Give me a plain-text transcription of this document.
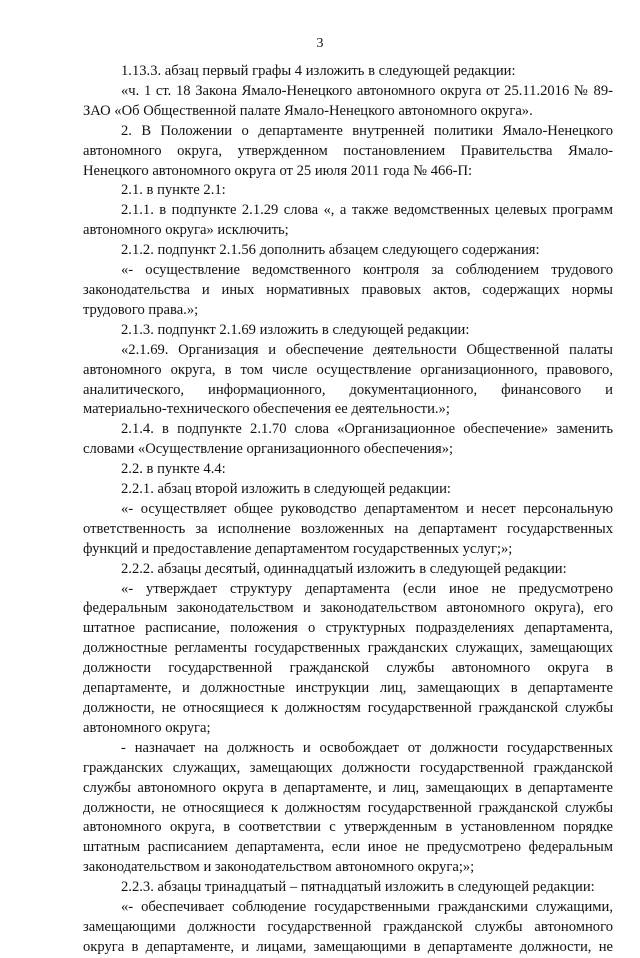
3

1.13.3. абзац первый графы 4 изложить в следующей редакции:

«ч. 1 ст. 18 Закона Ямало-Ненецкого автономного округа от 25.11.2016 № 89-ЗАО «Об Общественной палате Ямало-Ненецкого автономного округа».

2. В Положении о департаменте внутренней политики Ямало-Ненецкого автономного округа, утвержденном постановлением Правительства Ямало-Ненецкого автономного округа от 25 июля 2011 года № 466-П:

2.1. в пункте 2.1:

2.1.1. в подпункте 2.1.29 слова «, а также ведомственных целевых программ автономного округа» исключить;

2.1.2. подпункт 2.1.56 дополнить абзацем следующего содержания:

«- осуществление ведомственного контроля за соблюдением трудового законодательства и иных нормативных правовых актов, содержащих нормы трудового права.»;

2.1.3. подпункт 2.1.69 изложить в следующей редакции:

«2.1.69. Организация и обеспечение деятельности Общественной палаты автономного округа, в том числе осуществление организационного, правового, аналитического, информационного, документационного, финансового и материально-технического обеспечения ее деятельности.»;

2.1.4. в подпункте 2.1.70 слова «Организационное обеспечение» заменить словами «Осуществление организационного обеспечения»;

2.2. в пункте 4.4:

2.2.1. абзац второй изложить в следующей редакции:

«- осуществляет общее руководство департаментом и несет персональную ответственность за исполнение возложенных на департамент государственных функций и предоставление департаментом государственных услуг;»;

2.2.2. абзацы десятый, одиннадцатый изложить в следующей редакции:

«- утверждает структуру департамента (если иное не предусмотрено федеральным законодательством и законодательством автономного округа), его штатное расписание, положения о структурных подразделениях департамента, должностные регламенты государственных гражданских служащих, замещающих должности государственной гражданской службы автономного округа в департаменте, и должностные инструкции лиц, замещающих в департаменте должности, не относящиеся к должностям государственной гражданской службы автономного округа;

- назначает на должность и освобождает от должности государственных гражданских служащих, замещающих должности государственной гражданской службы автономного округа в департаменте, и лиц, замещающих в департаменте должности, не относящиеся к должностям государственной гражданской службы автономного округа, в соответствии с утвержденным в установленном порядке штатным расписанием департамента, если иное не предусмотрено федеральным законодательством и законодательством автономного округа;»;

2.2.3. абзацы тринадцатый – пятнадцатый изложить в следующей редакции:

«- обеспечивает соблюдение государственными гражданскими служащими, замещающими должности государственной гражданской службы автономного округа в департаменте, и лицами, замещающими в департаменте должности, не
